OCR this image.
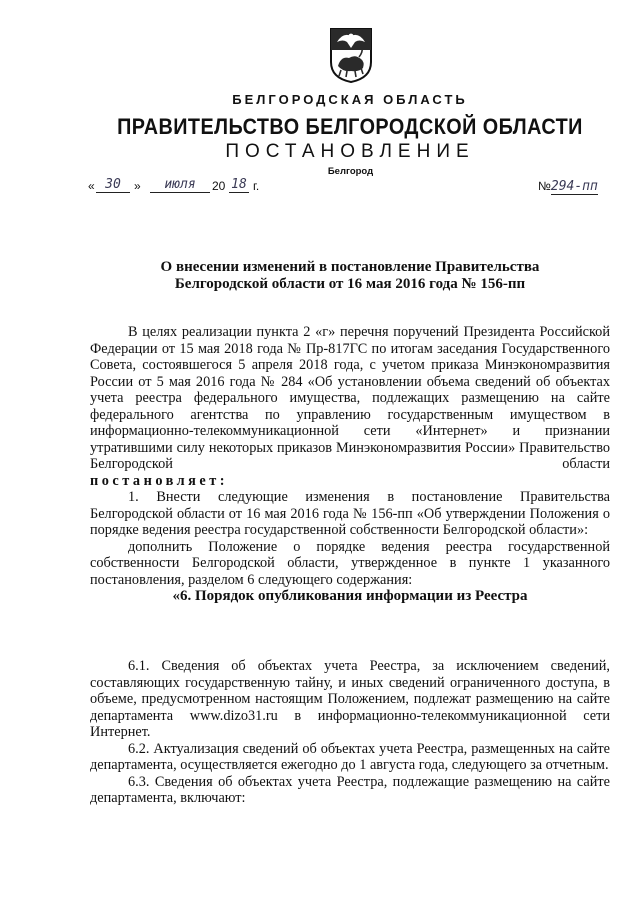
БЕЛГОРОДСКАЯ ОБЛАСТЬ
ПРАВИТЕЛЬСТВО БЕЛГОРОДСКОЙ ОБЛАСТИ
ПОСТАНОВЛЕНИЕ
Белгород
« 30	»	июля	20 18 г.	№294-пп
О внесении изменений в постановление Правительства
Белгородской области от 16 мая 2016 года № 156-пп

В целях реализации пункта 2 «г» перечня поручений Президента Российской Федерации от 15 мая 2018 года № Пр-817ГС по итогам заседания Государственного Совета, состоявшегося 5 апреля 2018 года, с учетом приказа Минэкономразвития России от 5 мая 2016 года № 284 «Об установлении объема сведений об объектах учета реестра федерального имущества, подлежащих размещению на сайте федерального агентства по управлению государственным имуществом в информационно-телекоммуникационной сети «Интернет» и признании утратившими силу некоторых приказов Минэкономразвития России» Правительство Белгородской области

постановляет:

1. Внести следующие изменения в постановление Правительства Белгородской области от 16 мая 2016 года № 156-пп «Об утверждении Положения о порядке ведения реестра государственной собственности Белгородской области»:

дополнить Положение о порядке ведения реестра государственной собственности Белгородской области, утвержденное в пункте 1 указанного постановления, разделом 6 следующего содержания:

«6. Порядок опубликования информации из Реестра

6.1. Сведения об объектах учета Реестра, за исключением сведений, составляющих государственную тайну, и иных сведений ограниченного доступа, в объеме, предусмотренном настоящим Положением, подлежат размещению на сайте департамента www.dizo31.ru в информационно-телекоммуникационной сети Интернет.

6.2. Актуализация сведений об объектах учета Реестра, размещенных на сайте департамента, осуществляется ежегодно до 1 августа года, следующего за отчетным.

6.3. Сведения об объектах учета Реестра, подлежащие размещению на сайте департамента, включают:
